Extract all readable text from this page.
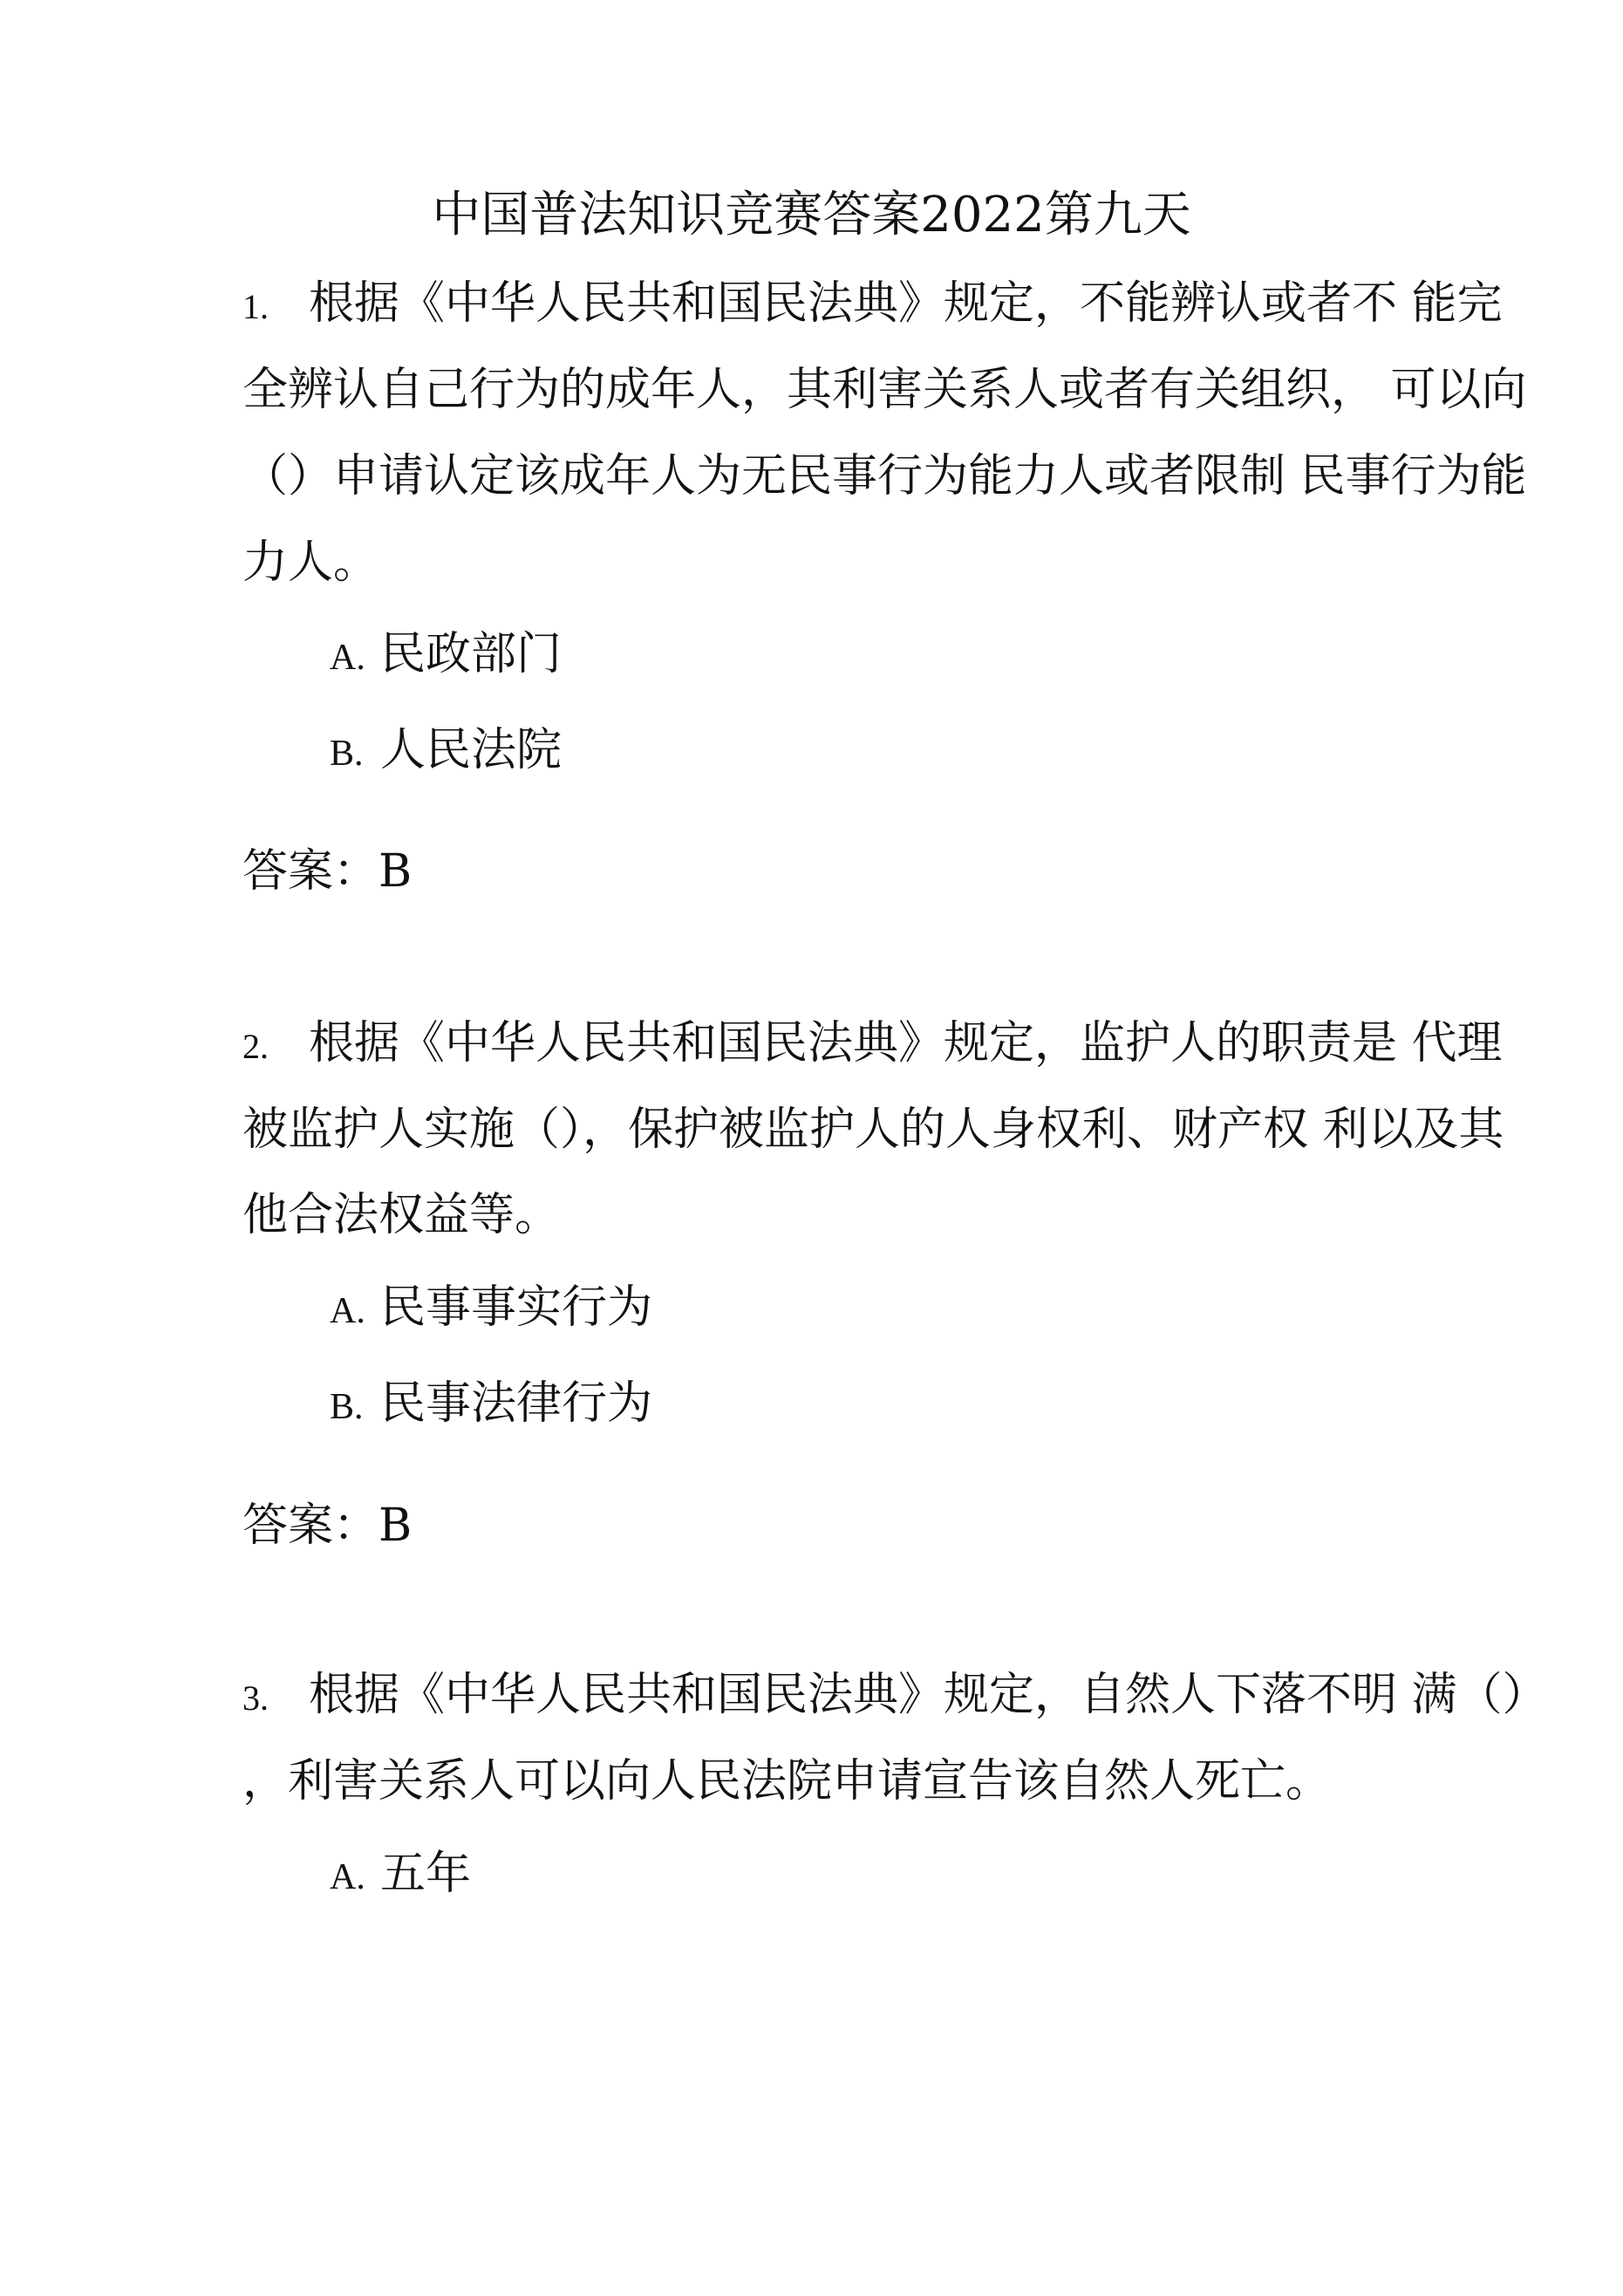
中国普法知识竞赛答案2022第九天
1. 根据《中华人民共和国民法典》规定，不能辨认或者不 能完
全辨认自己行为的成年人，其利害关系人或者有关组织， 可以向
（）申请认定该成年人为无民事行为能力人或者限制 民事行为能
力人。
A. 民政部门
B. 人民法院
答案：B
2. 根据《中华人民共和国民法典》规定，监护人的职责是 代理
被监护人实施（），保护被监护人的人身权利、财产权 利以及其
他合法权益等。
A. 民事事实行为
B. 民事法律行为
答案：B
3. 根据《中华人民共和国民法典》规定，自然人下落不明 满（）
，利害关系人可以向人民法院申请宣告该自然人死亡。
A. 五年
